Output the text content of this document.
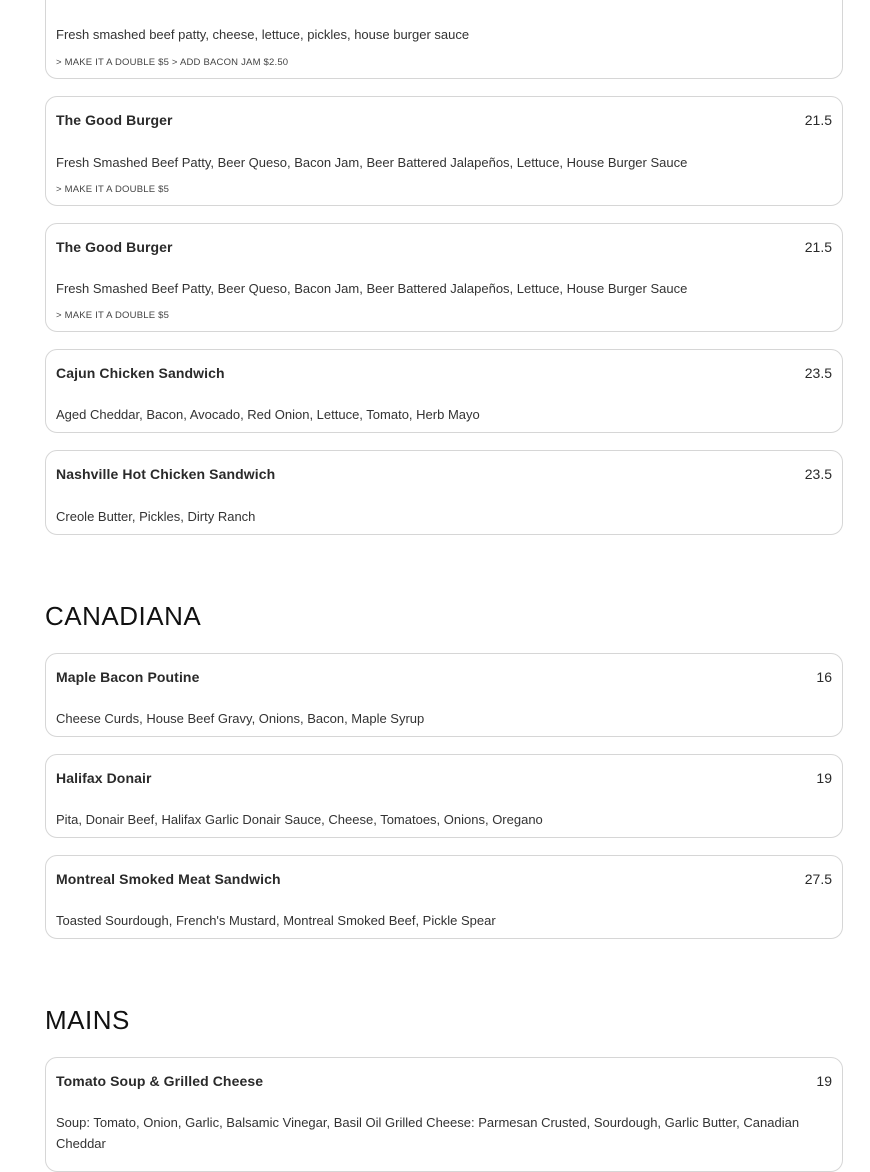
Fresh smashed beef patty, cheese, lettuce, pickles, house burger sauce
> MAKE IT A DOUBLE $5 > ADD BACON JAM $2.50
The Good Burger	21.5
Fresh Smashed Beef Patty, Beer Queso, Bacon Jam, Beer Battered Jalapeños, Lettuce, House Burger Sauce
> MAKE IT A DOUBLE $5
The Good Burger	21.5
Fresh Smashed Beef Patty, Beer Queso, Bacon Jam, Beer Battered Jalapeños, Lettuce, House Burger Sauce
> MAKE IT A DOUBLE $5
Cajun Chicken Sandwich	23.5
Aged Cheddar, Bacon, Avocado, Red Onion, Lettuce, Tomato, Herb Mayo
Nashville Hot Chicken Sandwich	23.5
Creole Butter, Pickles, Dirty Ranch
CANADIANA
Maple Bacon Poutine	16
Cheese Curds, House Beef Gravy, Onions, Bacon, Maple Syrup
Halifax Donair	19
Pita, Donair Beef, Halifax Garlic Donair Sauce, Cheese, Tomatoes, Onions, Oregano
Montreal Smoked Meat Sandwich	27.5
Toasted Sourdough, French's Mustard, Montreal Smoked Beef, Pickle Spear
MAINS
Tomato Soup & Grilled Cheese	19
Soup: Tomato, Onion, Garlic, Balsamic Vinegar, Basil Oil Grilled Cheese: Parmesan Crusted, Sourdough, Garlic Butter, Canadian Cheddar
